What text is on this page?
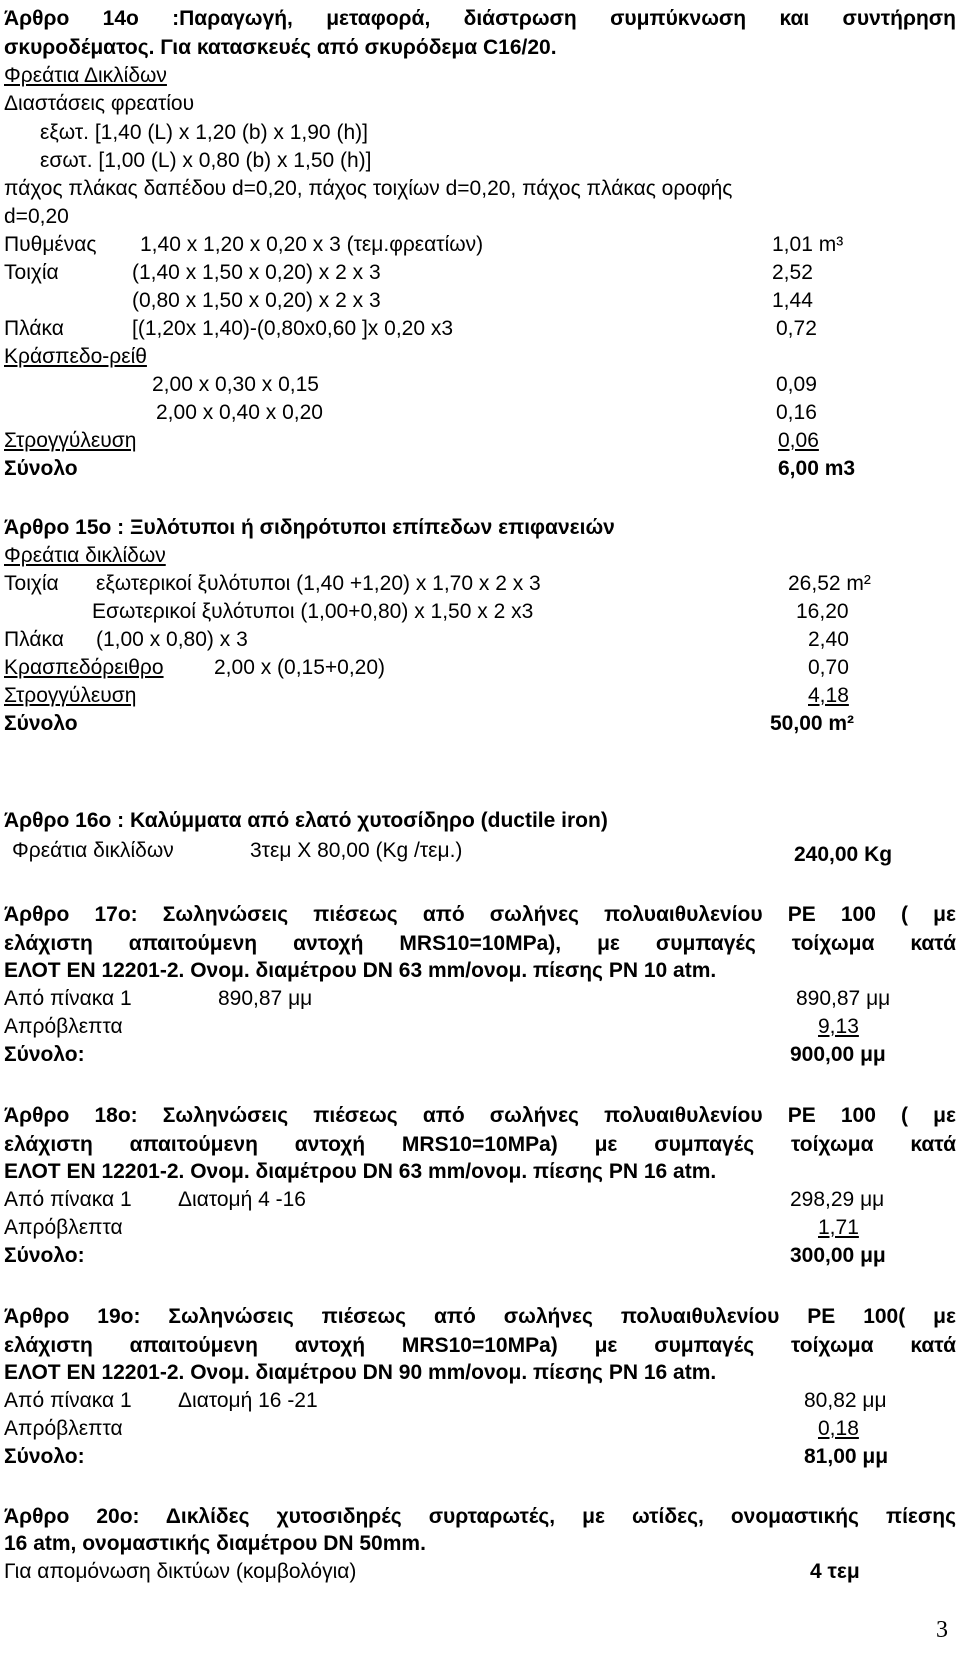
Άρθρο 14ο :Παραγωγή, μεταφορά, διάστρωση συμπύκνωση και συντήρηση
σκυροδέματος. Για κατασκευές από σκυρόδεμα C16/20.
Φρεάτια Δικλίδων
Διαστάσεις φρεατίου
εξωτ. [1,40 (L) x 1,20 (b) x 1,90 (h)]
εσωτ. [1,00 (L) x 0,80 (b) x 1,50 (h)]
πάχος πλάκας δαπέδου d=0,20, πάχος τοιχίων d=0,20, πάχος πλάκας οροφής
d=0,20
Πυθμένας 1,40 x 1,20 x 0,20 x 3 (τεμ.φρεατίων)	1,01 m³
Τοιχία	(1,40 x 1,50 x 0,20) x 2 x 3	2,52
(0,80 x 1,50 x 0,20) x 2 x 3	1,44
Πλάκα	[(1,20x 1,40)-(0,80x0,60 ]x 0,20 x3	0,72
Κράσπεδο-ρείθ
2,00 x 0,30 x 0,15	0,09
2,00 x 0,40 x 0,20	0,16
Στρογγύλευση	0,06
Σύνολο	6,00 m3
Άρθρο 15ο : Ξυλότυποι ή σιδηρότυποι επίπεδων επιφανειών
Φρεάτια δικλίδων
Τοιχία εξωτερικοί ξυλότυποι (1,40 +1,20) x 1,70 x 2 x 3	26,52 m²
Εσωτερικοί ξυλότυποι (1,00+0,80) x 1,50 x 2 x3	16,20
Πλάκα (1,00 x 0,80) x 3	2,40
Κρασπεδόρειθρο 2,00 x (0,15+0,20)	0,70
Στρογγύλευση	4,18
Σύνολο	50,00 m²
Άρθρο 16ο : Καλύμματα από ελατό χυτοσίδηρο (ductile iron)
Φρεάτια δικλίδων	3τεμ Χ 80,00 (Kg /τεμ.)	240,00 Kg
Άρθρο 17ο: Σωληνώσεις πιέσεως από σωλήνες πολυαιθυλενίου PE 100 ( με
ελάχιστη απαιτούμενη αντοχή MRS10=10MPa), με συμπαγές τοίχωμα κατά
ΕΛΟΤ ΕΝ 12201-2. Ονομ. διαμέτρου DN 63 mm/ονομ. πίεσης PN 10 atm.
Από πίνακα 1	890,87 μμ	890,87 μμ
Απρόβλεπτα	9,13
Σύνολο:	900,00 μμ
Άρθρο 18ο: Σωληνώσεις πιέσεως από σωλήνες πολυαιθυλενίου PE 100 ( με
ελάχιστη απαιτούμενη αντοχή MRS10=10MPa) με συμπαγές τοίχωμα κατά
ΕΛΟΤ ΕΝ 12201-2. Ονομ. διαμέτρου DN 63 mm/ονομ. πίεσης PN 16 atm.
Από πίνακα 1 Διατομή 4 -16	298,29 μμ
Απρόβλεπτα	1,71
Σύνολο:	300,00 μμ
Άρθρο 19ο: Σωληνώσεις πιέσεως από σωλήνες πολυαιθυλενίου PE 100( με
ελάχιστη απαιτούμενη αντοχή MRS10=10MPa) με συμπαγές τοίχωμα κατά
ΕΛΟΤ ΕΝ 12201-2. Ονομ. διαμέτρου DN 90 mm/ονομ. πίεσης PN 16 atm.
Από πίνακα 1 Διατομή 16 -21	80,82 μμ
Απρόβλεπτα	0,18
Σύνολο:	81,00 μμ
Άρθρο 20ο: Δικλίδες χυτοσιδηρές συρταρωτές, με ωτίδες, ονομαστικής πίεσης
16 atm, ονομαστικής διαμέτρου DN 50mm.
Για απομόνωση δικτύων (κομβολόγια)	4 τεμ
3
